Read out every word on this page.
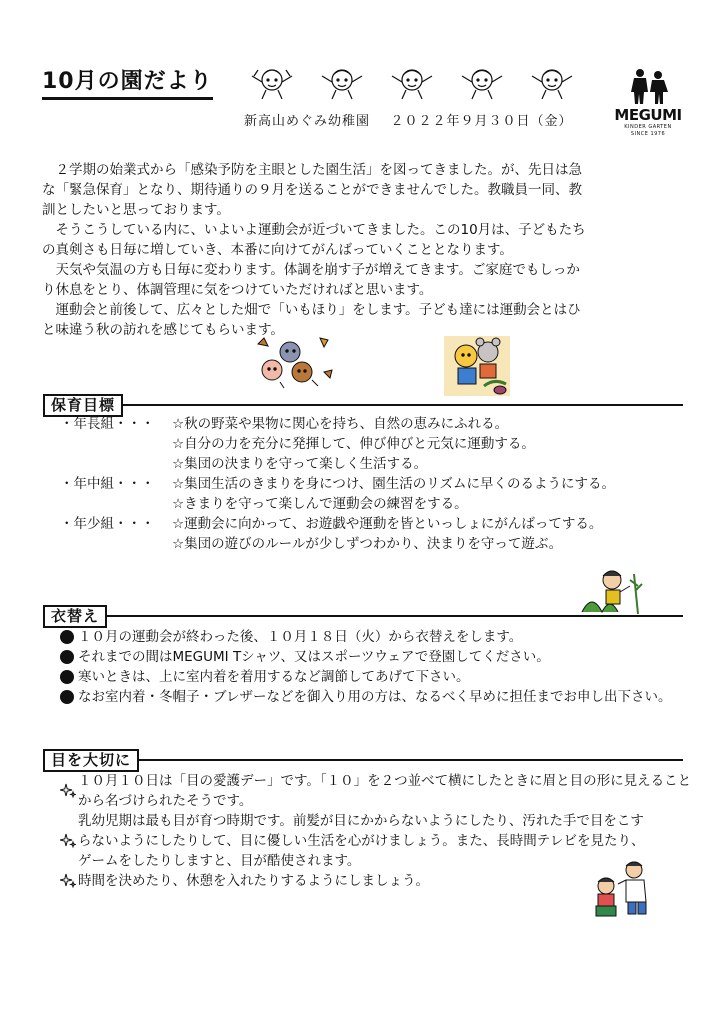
10月の園だより
MEGUMI
KINDER GARTEN
SINCE 1976
新高山めぐみ幼稚園 ２０２２年９月３０日（金）

　２学期の始業式から「感染予防を主眼とした園生活」を図ってきました。が、先日は急

な「緊急保育」となり、期待通りの９月を送ることができませんでした。教職員一同、教

訓としたいと思っております。

　そうこうしている内に、いよいよ運動会が近づいてきました。この10月は、子どもたち

の真剣さも日毎に増していき、本番に向けてがんばっていくこととなります。

　天気や気温の方も日毎に変わります。体調を崩す子が増えてきます。ご家庭でもしっか

り休息をとり、体調管理に気をつけていただければと思います。

　運動会と前後して、広々とした畑で「いもほり」をします。子ども達には運動会とはひ

と味違う秋の訪れを感じてもらいます。

保育目標
・年長組・・・	☆秋の野菜や果物に関心を持ち、自然の恵みにふれる。
☆自分の力を充分に発揮して、伸び伸びと元気に運動する。
☆集団の決まりを守って楽しく生活する。
・年中組・・・	☆集団生活のきまりを身につけ、園生活のリズムに早くのるようにする。
☆きまりを守って楽しんで運動会の練習をする。
・年少組・・・	☆運動会に向かって、お遊戯や運動を皆といっしょにがんばってする。
☆集団の遊びのルールが少しずつわかり、決まりを守って遊ぶ。
衣替え
１０月の運動会が終わった後、１０月１８日（火）から衣替えをします。
それまでの間はMEGUMI Tシャツ、又はスポーツウェアで登園してください。
寒いときは、上に室内着を着用するなど調節してあげて下さい。
なお室内着・冬帽子・ブレザーなどを御入り用の方は、なるべく早めに担任までお申し出下さい。
目を大切に
１０月１０日は「目の愛護デー」です。「１０」を２つ並べて横にしたときに眉と目の形に見えることから名づけられたそうです。
乳幼児期は最も目が育つ時期です。前髪が目にかからないようにしたり、汚れた手で目をこすらないようにしたりして、目に優しい生活を心がけましょう。また、長時間テレビを見たり、ゲームをしたりしますと、目が酷使されます。
時間を決めたり、休憩を入れたりするようにしましょう。
